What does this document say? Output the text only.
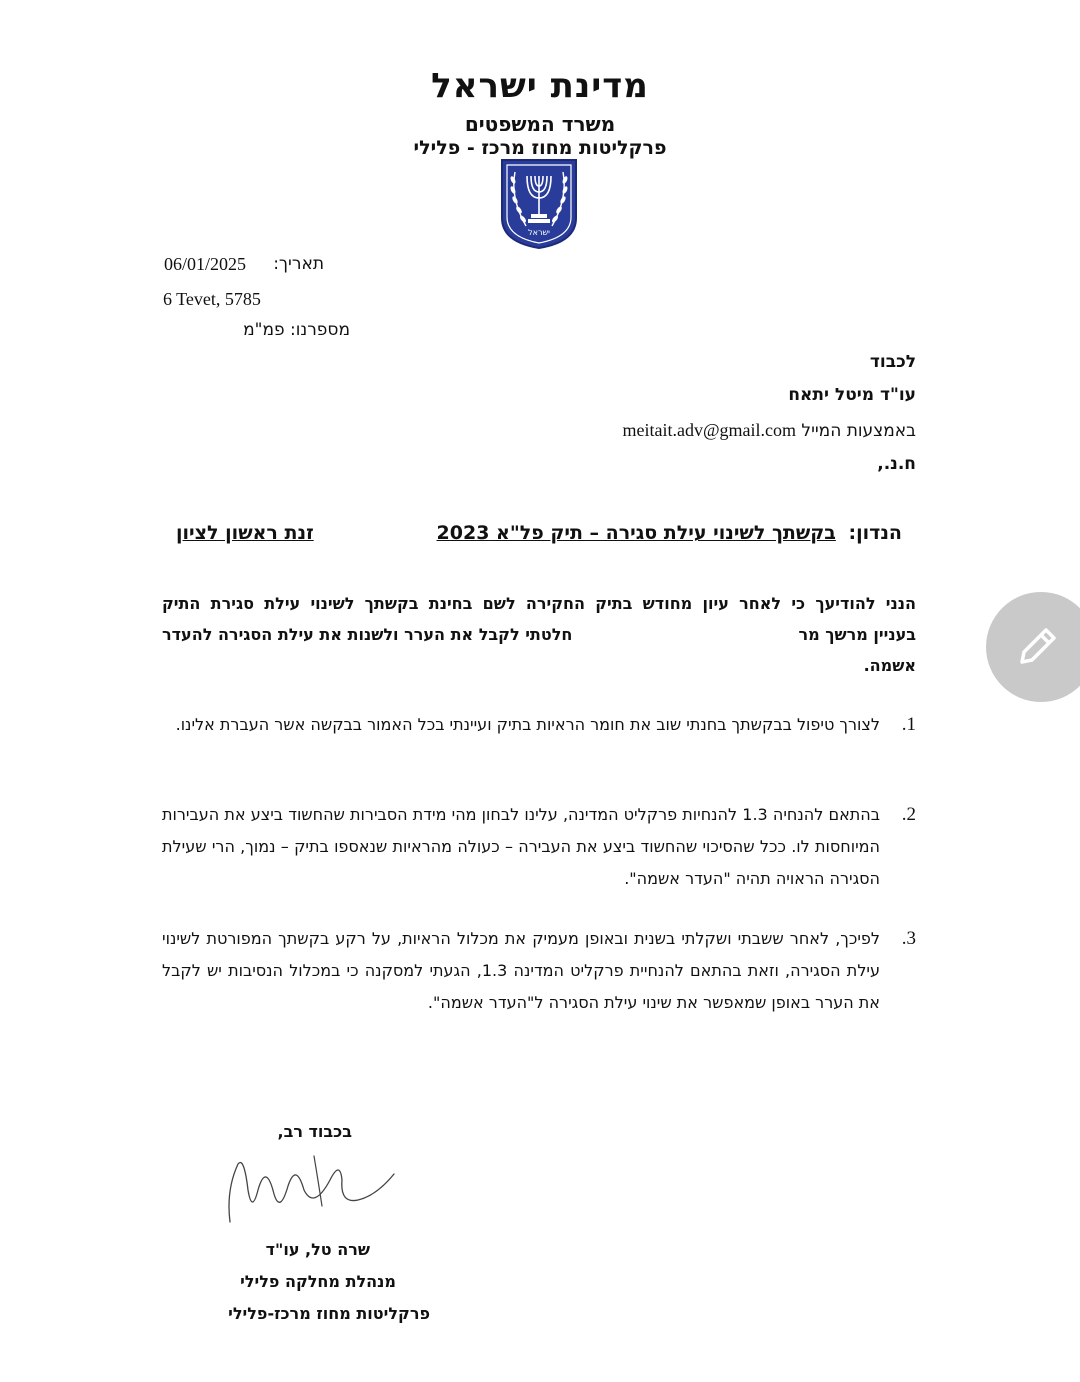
מדינת ישראל
משרד המשפטים
פרקליטות מחוז מרכז - פלילי
ישראל
תאריך:
06/01/2025
6 Tevet, 5785
מספרנו: פמ"מ
לכבוד
עו"ד מיטל יתאח
באמצעות המייל meitait.adv@gmail.com
ח.נ.,
הנדון: בקשתך לשינוי עילת סגירה – תיק פל"א 2023
זנת ראשון לציון
הנני להודיעך כי לאחר עיון מחודש בתיק החקירה לשם בחינת בקשתך לשינוי עילת סגירת התיק
בעניין מרשך מר
חלטתי לקבל את הערר ולשנות את עילת הסגירה להעדר
אשמה.
1.
לצורך טיפול בבקשתך בחנתי שוב את חומר הראיות בתיק ועיינתי בכל האמור בבקשה אשר העברת אלינו.
2.
בהתאם להנחיה 1.3 להנחיות פרקליט המדינה, עלינו לבחון מהי מידת הסבירות שהחשוד ביצע את העבירות המיוחסות לו. ככל שהסיכוי שהחשוד ביצע את העבירה – כעולה מהראיות שנאספו בתיק – נמוך, הרי שעילת הסגירה הראויה תהיה "העדר אשמה".
3.
לפיכך, לאחר ששבתי ושקלתי בשנית ובאופן מעמיק את מכלול הראיות, על רקע בקשתך המפורטת לשינוי עילת הסגירה, וזאת בהתאם להנחיית פרקליט המדינה 1.3, הגעתי למסקנה כי במכלול הנסיבות יש לקבל את הערר באופן שמאפשר את שינוי עילת הסגירה ל"העדר אשמה".
בכבוד רב,
שרה טל, עו"ד
מנהלת מחלקה פלילי
פרקליטות מחוז מרכז-פלילי
